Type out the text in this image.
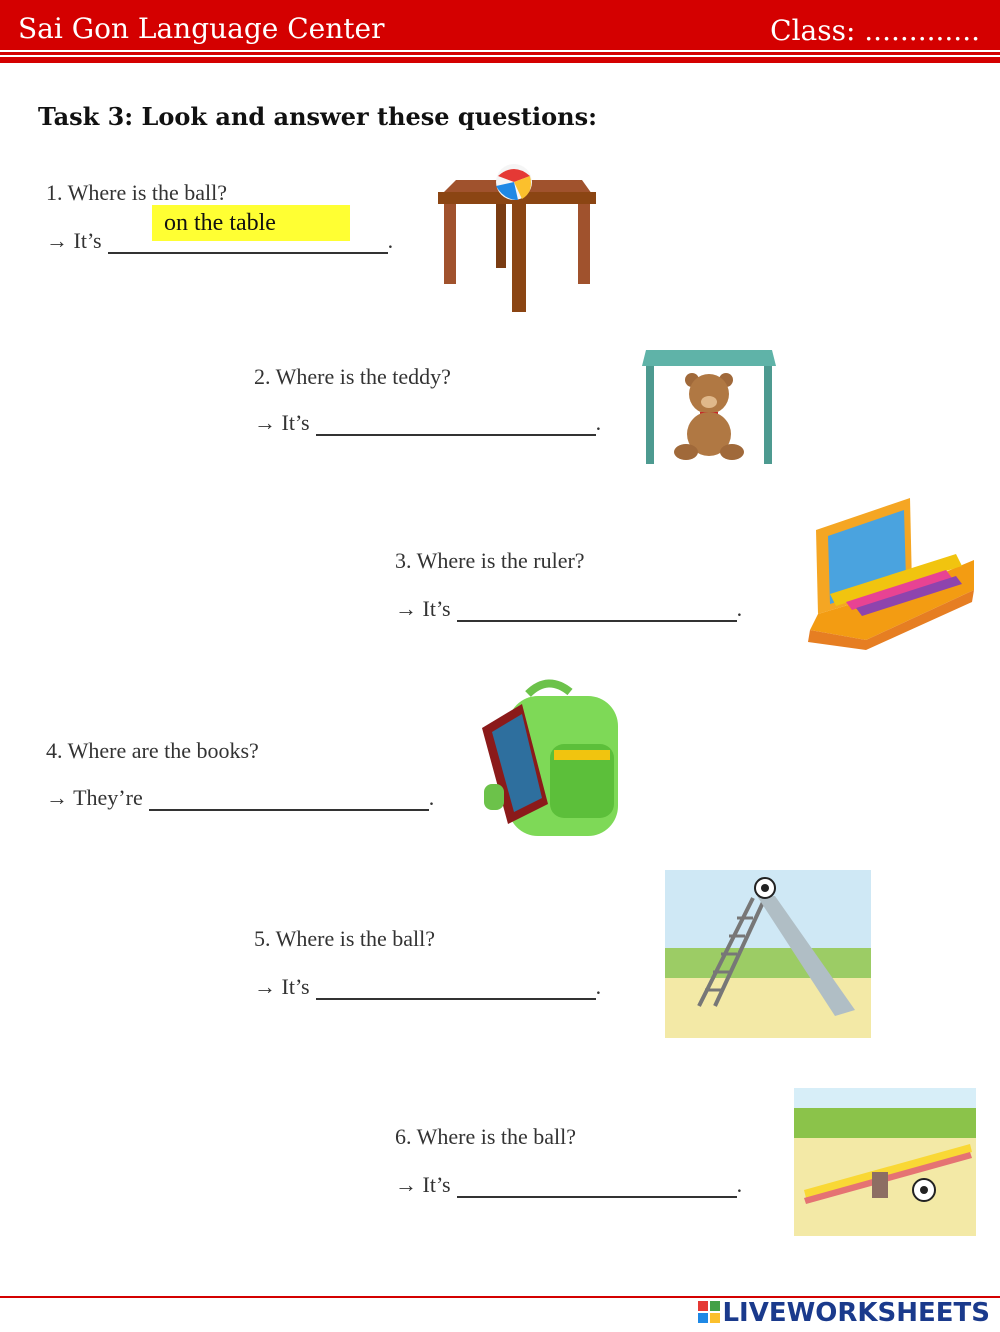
Sai Gon Language Center	Class: .............
Task 3: Look and answer these questions:
1. Where is the ball?
→ It’s	.
on the table
2. Where is the teddy?
→ It’s	.
3. Where is the ruler?
→ It’s	.
4. Where are the books?
→ They’re	.
5. Where is the ball?
→ It’s	.
6. Where is the ball?
→ It’s	.
LIVEWORKSHEETS
